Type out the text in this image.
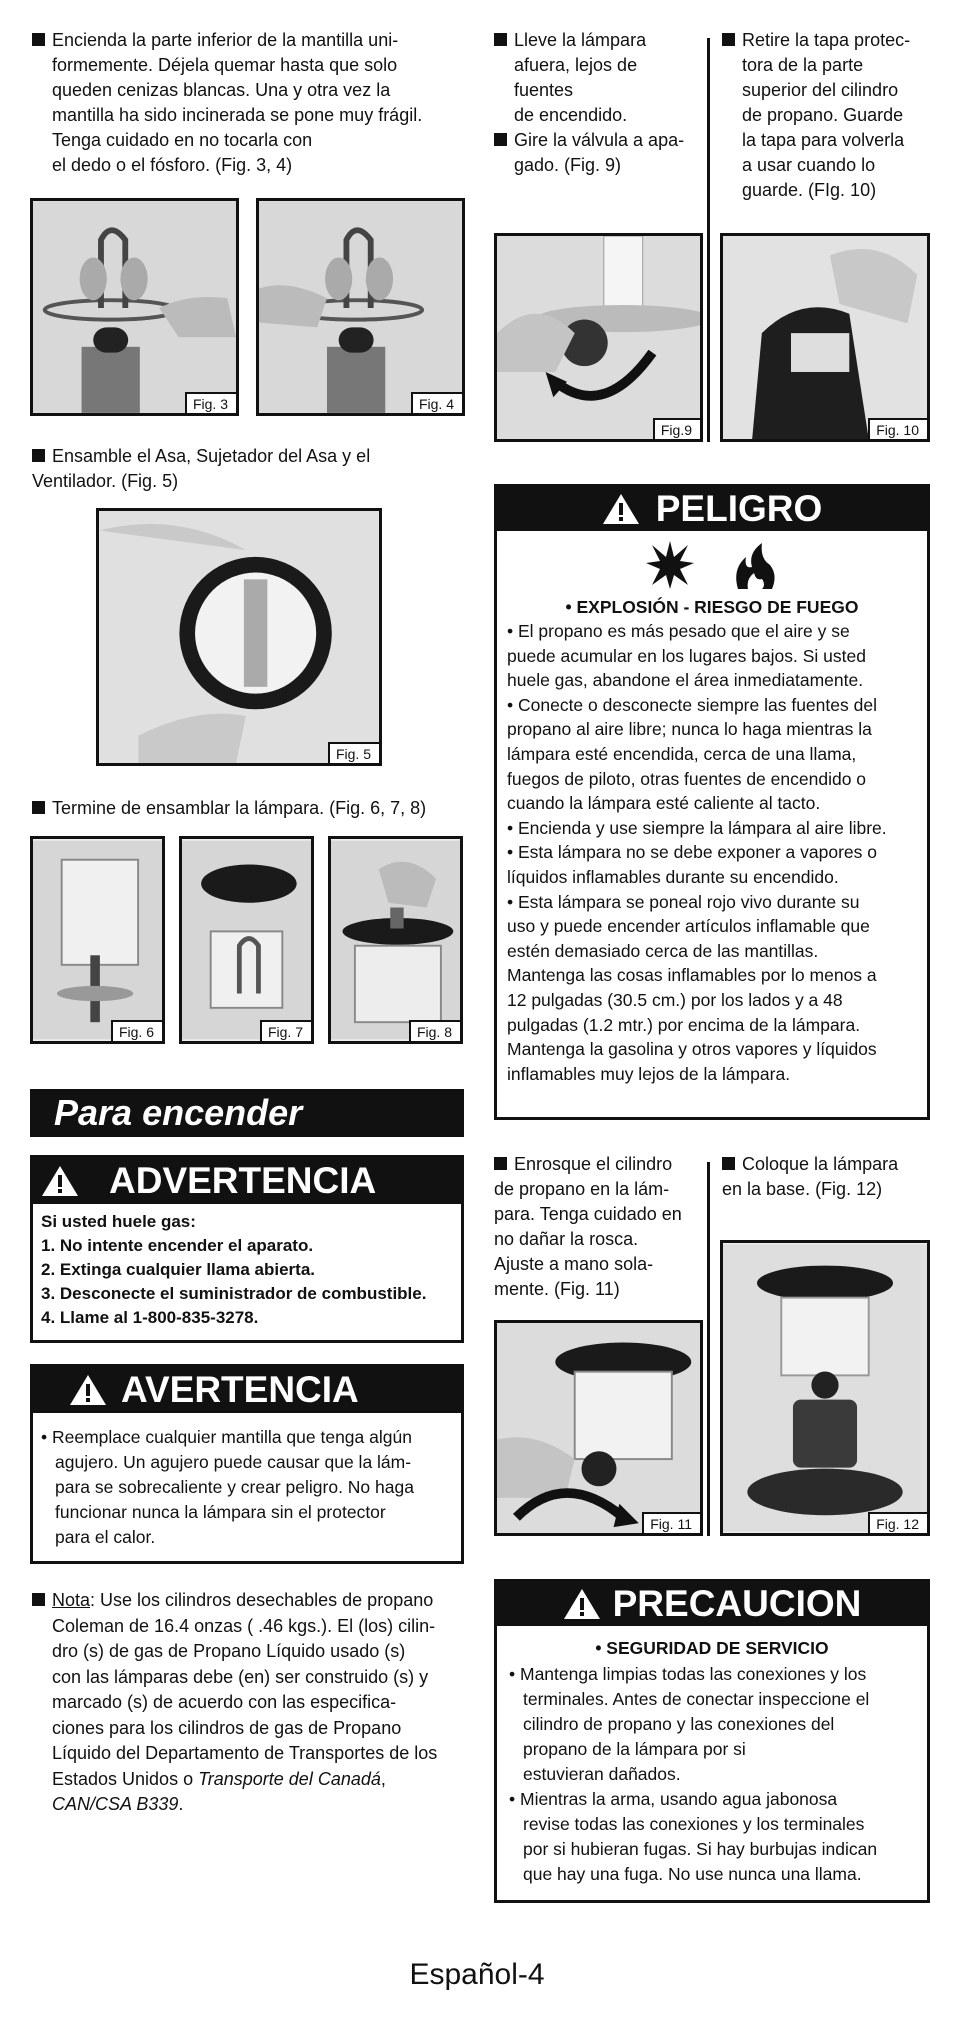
Encienda la parte inferior de la mantilla uni-
formemente. Déjela quemar hasta que solo
queden cenizas blancas. Una y otra vez la
mantilla ha sido incinerada se pone muy frágil.
Tenga cuidado en no tocarla con
el dedo o el fósforo. (Fig. 3, 4)
Fig. 3	Fig. 4
Ensamble el Asa, Sujetador del Asa y el
Ventilador. (Fig. 5)
Fig. 5
Termine de ensamblar la lámpara. (Fig. 6, 7, 8)
Fig. 6	Fig. 7	Fig. 8
Para encender
ADVERTENCIA
Si usted huele gas:
1. No intente encender el aparato.
2. Extinga cualquier llama abierta.
3. Desconecte el suministrador de combustible.
4. Llame al 1-800-835-3278.
AVERTENCIA
• Reemplace cualquier mantilla que tenga algún
agujero. Un agujero puede causar que la lám-
para se sobrecaliente y crear peligro. No haga
funcionar nunca la lámpara sin el protector
para el calor.
Nota: Use los cilindros desechables de propano
Coleman de 16.4 onzas ( .46 kgs.). El (los) cilin-
dro (s) de gas de Propano Líquido usado (s)
con las lámparas debe (en) ser construido (s) y
marcado (s) de acuerdo con las especifica-
ciones para los cilindros de gas de Propano
Líquido del Departamento de Transportes de los
Estados Unidos o Transporte del Canadá,
CAN/CSA B339.
Lleve la lámpara
afuera, lejos de
fuentes
de encendido.
Gire la válvula a apa-
gado. (Fig. 9)
Retire la tapa protec-
tora de la parte
superior del cilindro
de propano. Guarde
la tapa para volverla
a usar cuando lo
guarde. (FIg. 10)
Fig.9	Fig. 10
PELIGRO

• EXPLOSIÓN - RIESGO DE FUEGO
• El propano es más pesado que el aire y se
puede acumular en los lugares bajos. Si usted
huele gas, abandone el área inmediatamente.
• Conecte o desconecte siempre las fuentes del
propano al aire libre; nunca lo haga mientras la
lámpara esté encendida, cerca de una llama,
fuegos de piloto, otras fuentes de encendido o
cuando la lámpara esté caliente al tacto.
• Encienda y use siempre la lámpara al aire libre.
• Esta lámpara no se debe exponer a vapores o
líquidos inflamables durante su encendido.
• Esta lámpara se poneal rojo vivo durante su
uso y puede encender artículos inflamable que
estén demasiado cerca de las mantillas.
Mantenga las cosas inflamables por lo menos a
12 pulgadas (30.5 cm.) por los lados y a 48
pulgadas (1.2 mtr.) por encima de la lámpara.
Mantenga la gasolina y otros vapores y líquidos
inflamables muy lejos de la lámpara.
Enrosque el cilindro
de propano en la lám-
para. Tenga cuidado en
no dañar la rosca.
Ajuste a mano sola-
mente. (Fig. 11)
Coloque la lámpara
en la base. (Fig. 12)
Fig. 11	Fig. 12
PRECAUCION
• SEGURIDAD DE SERVICIO
• Mantenga limpias todas las conexiones y los
terminales. Antes de conectar inspeccione el
cilindro de propano y las conexiones del
propano de la lámpara por si
estuvieran dañados.
• Mientras la arma, usando agua jabonosa
revise todas las conexiones y los terminales
por si hubieran fugas. Si hay burbujas indican
que hay una fuga. No use nunca una llama.
Español-4
